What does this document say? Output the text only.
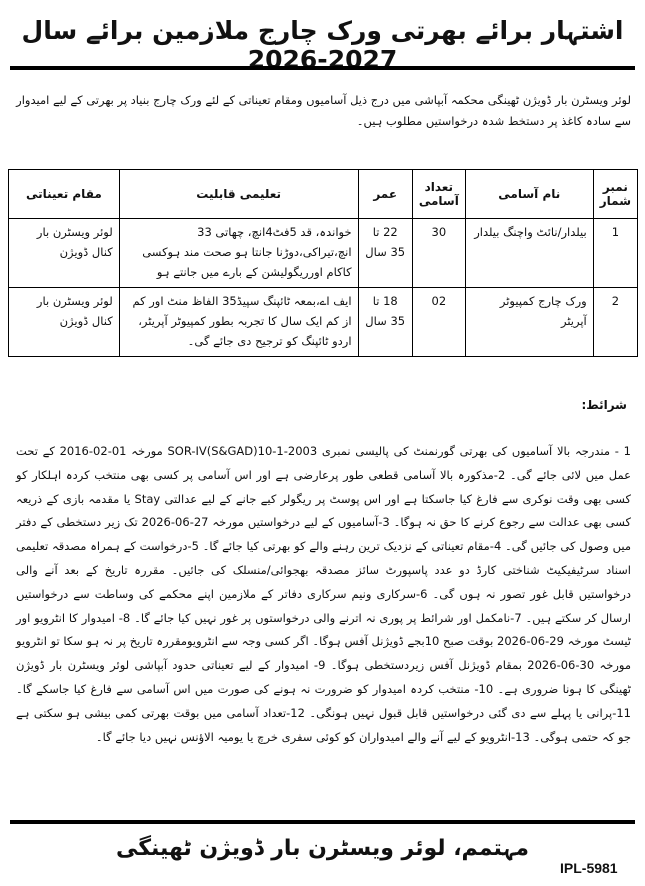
اشتہار برائے بھرتی ورک چارج ملازمین برائے سال 2027-2026
لوئر ویسٹرن بار ڈویژن ٹھینگی محکمہ آبپاشی میں درج ذیل آسامیوں ومقام تعیناتی کے لئے ورک چارج بنیاد پر بھرتی کے لیے امیدوار سے سادہ کاغذ پر دستخط شدہ درخواستیں مطلوب ہیں۔
نمبر شمار	نام آسامی	تعداد آسامی	عمر	تعلیمی قابلیت	مقام تعیناتی
1	بیلدار/نائٹ واچنگ بیلدار	30	22 تا 35 سال	خواندہ، قد 5فٹ4انچ، چھاتی 33 انچ،تیراکی،دوڑنا جانتا ہو صحت مند ہوکسی کاکام اورریگولیشن کے بارے میں جانتے ہو	لوئر ویسٹرن بار کنال ڈویژن
2	ورک چارج کمپیوٹر آپریٹر	02	18 تا 35 سال	ایف اے،بمعہ ٹائپنگ سپیڈ35 الفاظ منٹ اور کم از کم ایک سال کا تجربہ بطور کمپیوٹر آپریٹر، اردو ٹائپنگ کو ترجیح دی جائے گی۔	لوئر ویسٹرن بار کنال ڈویژن
شرائط:
1 - مندرجہ بالا آسامیوں کی بھرتی گورنمنٹ کی پالیسی نمبری SOR-IV(S&GAD)10-1-2003 مورخہ 01-02-2016 کے تحت عمل میں لائی جائے گی۔ 2-مذکورہ بالا آسامی قطعی طور پرعارضی ہے اور اس آسامی پر کسی بھی منتخب کردہ اہلکار کو کسی بھی وقت نوکری سے فارغ کیا جاسکتا ہے اور اس پوسٹ پر ریگولر کیے جانے کے لیے عدالتی Stay یا مقدمہ بازی کے ذریعہ کسی بھی عدالت سے رجوع کرنے کا حق نہ ہوگا۔ 3-آسامیوں کے لیے درخواستیں مورخہ 27-06-2026 تک زیر دستخطی کے دفتر میں وصول کی جائیں گی۔ 4-مقام تعیناتی کے نزدیک ترین رہنے والے کو بھرتی کیا جائے گا۔ 5-درخواست کے ہمراہ مصدقہ تعلیمی اسناد سرٹیفیکیٹ شناختی کارڈ دو عدد پاسپورٹ سائز مصدقہ بھجوائی/منسلک کی جائیں۔ مقررہ تاریخ کے بعد آنے والی درخواستیں قابل غور تصور نہ ہوں گی۔ 6-سرکاری ونیم سرکاری دفاتر کے ملازمین اپنے محکمے کی وساطت سے درخواستیں ارسال کر سکتے ہیں۔ 7-نامکمل اور شرائط پر پوری نہ اترنے والی درخواستوں پر غور نہیں کیا جائے گا۔ 8- امیدوار کا انٹرویو اور ٹیسٹ مورخہ 29-06-2026 بوقت صبح 10بجے ڈویژنل آفس ہوگا۔ اگر کسی وجہ سے انٹرویومقررہ تاریخ پر نہ ہو سکا تو انٹرویو مورخہ 30-06-2026 بمقام ڈویژنل آفس زیردستخطی ہوگا۔ 9- امیدوار کے لیے تعیناتی حدود آبپاشی لوئر ویسٹرن بار ڈویژن ٹھینگی کا ہونا ضروری ہے۔ 10- منتخب کردہ امیدوار کو ضرورت نہ ہونے کی صورت میں اس آسامی سے فارغ کیا جاسکے گا۔ 11-پرانی یا پہلے سے دی گئی درخواستیں قابل قبول نہیں ہونگی۔ 12-تعداد آسامی میں بوقت بھرتی کمی بیشی ہو سکتی ہے جو کہ حتمی ہوگی۔ 13-انٹرویو کے لیے آنے والے امیدواران کو کوئی سفری خرچ یا یومیہ الاؤنس نہیں دیا جائے گا۔
مہتمم، لوئر ویسٹرن بار ڈویژن ٹھینگی
IPL-5981
